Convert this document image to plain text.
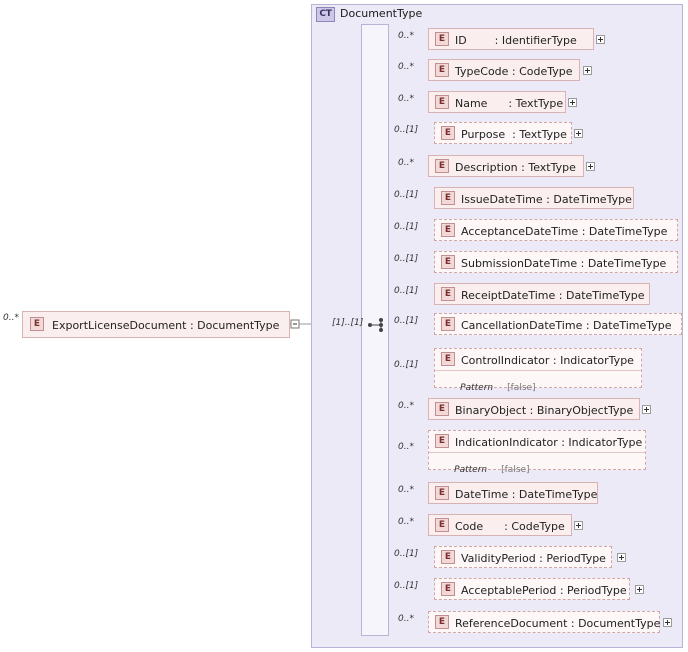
CT DocumentType
[1]..[1]
0..*
E	ExportLicenseDocument : DocumentType
0..*	E ID        : IdentifierType
0..*	E TypeCode : CodeType
0..*	E Name      : TextType
0..[1]	E Purpose  : TextType
0..*	E Description : TextType
0..[1]	E IssueDateTime : DateTimeType
0..[1]	E AcceptanceDateTime : DateTimeType
0..[1]	E SubmissionDateTime : DateTimeType
0..[1]	E ReceiptDateTime : DateTimeType
0..[1]	E CancellationDateTime : DateTimeType
0..[1]
E ControlIndicator : IndicatorType

Pattern [false]

0..*	E BinaryObject : BinaryObjectType
0..*
E IndicationIndicator : IndicatorType

Pattern [false]

0..*	E DateTime : DateTimeType
0..*	E Code      : CodeType
0..[1]	E ValidityPeriod : PeriodType
0..[1]	E AcceptablePeriod : PeriodType
0..*	E ReferenceDocument : DocumentType
